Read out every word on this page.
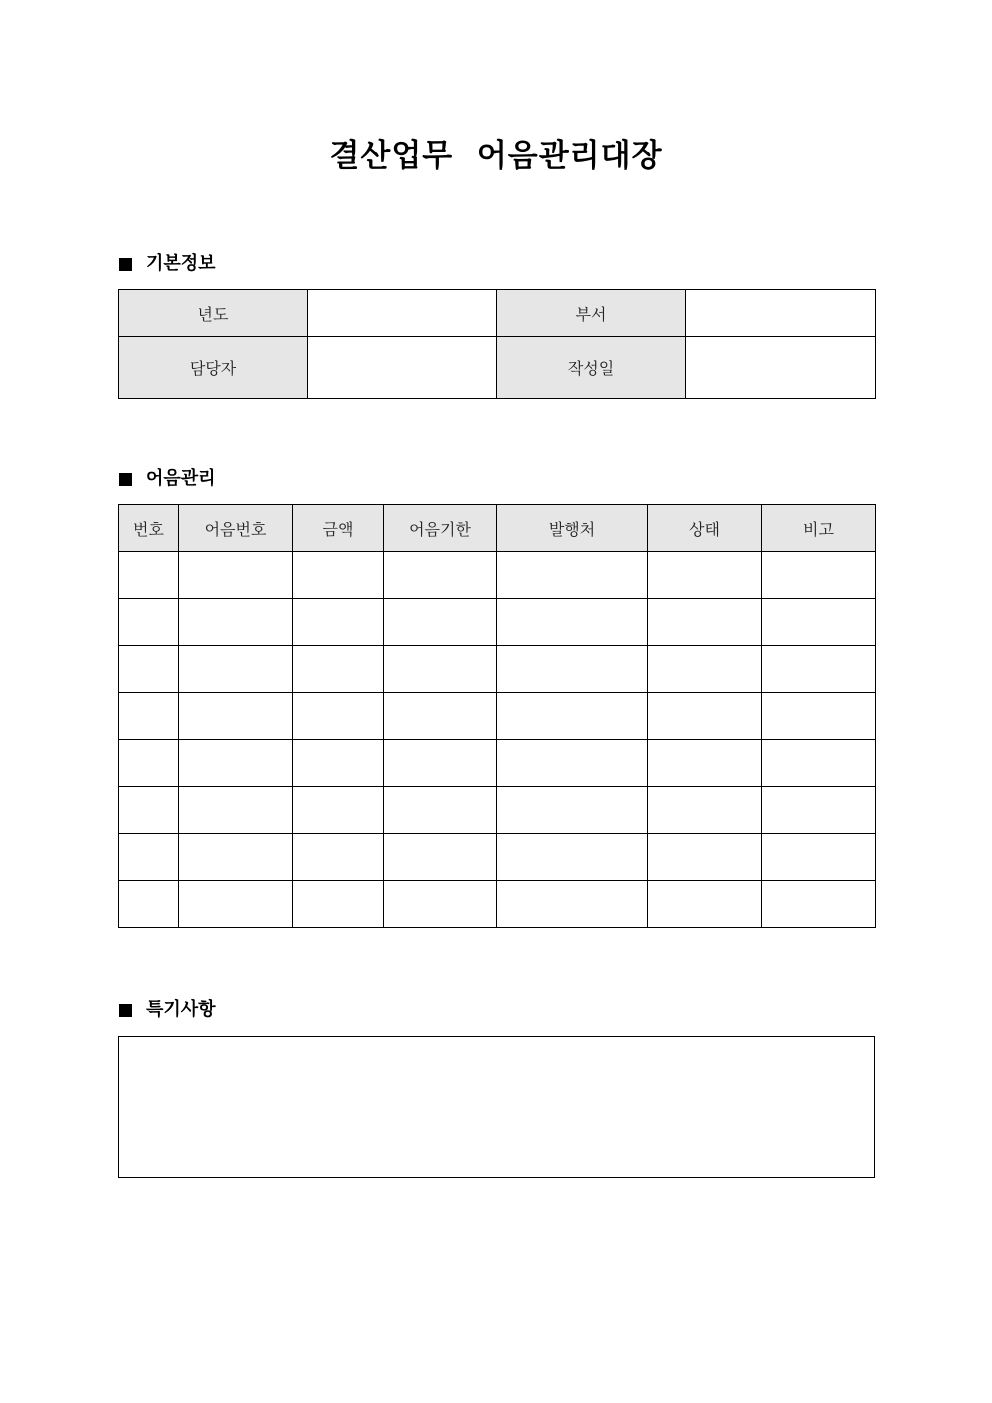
결산업무  어음관리대장
기본정보
년도		부서	
담당자		작성일	
어음관리
번호	어음번호	금액	어음기한	발행처	상태	비고

특기사항
